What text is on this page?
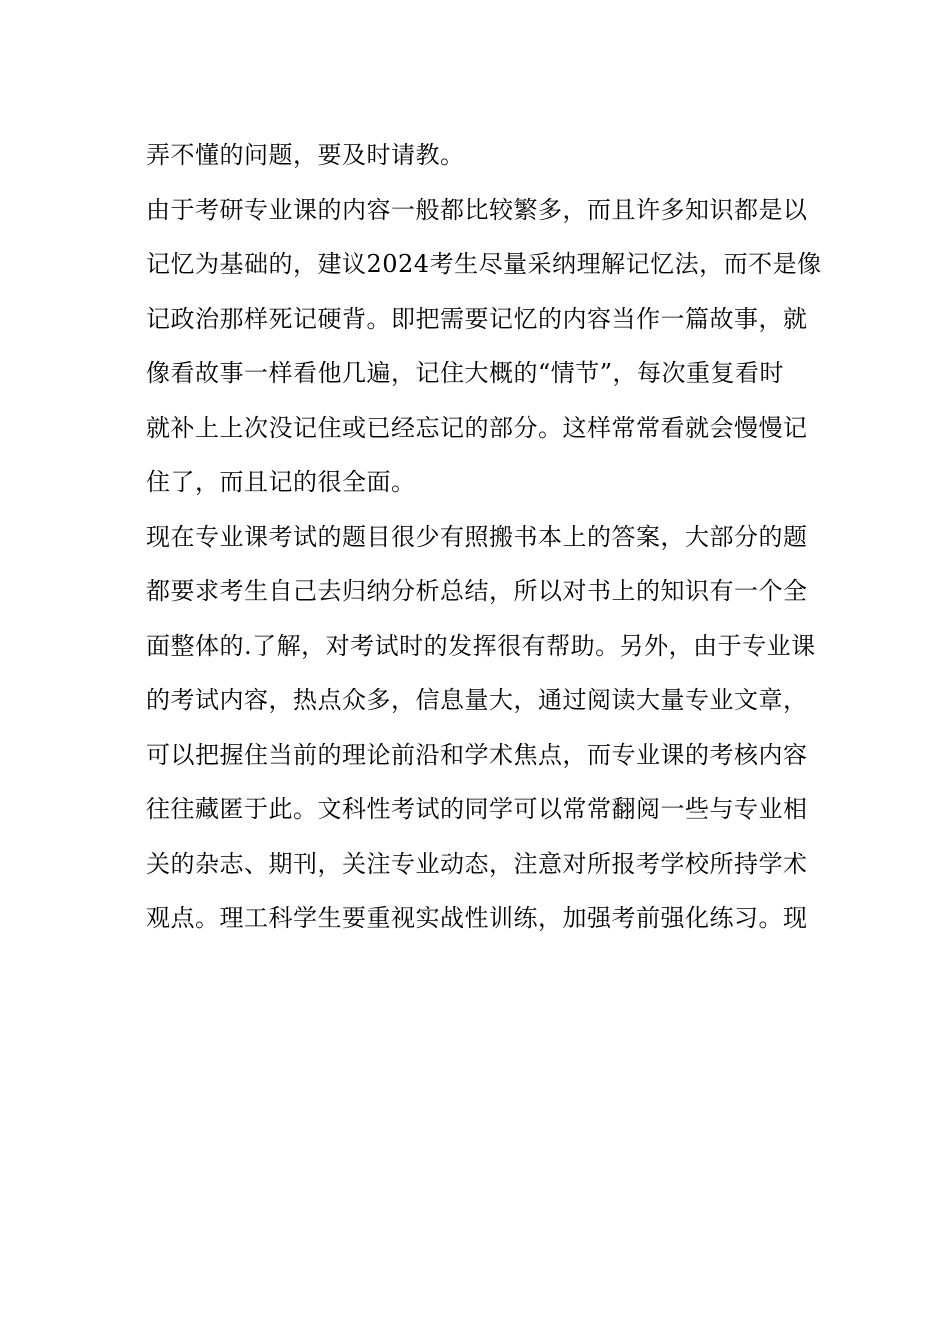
弄不懂的问题，要及时请教。
由于考研专业课的内容一般都比较繁多，而且许多知识都是以
记忆为基础的，建议2024考生尽量采纳理解记忆法，而不是像
记政治那样死记硬背。即把需要记忆的内容当作一篇故事，就
像看故事一样看他几遍，记住大概的“情节”，每次重复看时
就补上上次没记住或已经忘记的部分。这样常常看就会慢慢记
住了，而且记的很全面。
现在专业课考试的题目很少有照搬书本上的答案，大部分的题
都要求考生自己去归纳分析总结，所以对书上的知识有一个全
面整体的.了解，对考试时的发挥很有帮助。另外，由于专业课
的考试内容，热点众多，信息量大，通过阅读大量专业文章，
可以把握住当前的理论前沿和学术焦点，而专业课的考核内容
往往藏匿于此。文科性考试的同学可以常常翻阅一些与专业相
关的杂志、期刊，关注专业动态，注意对所报考学校所持学术
观点。理工科学生要重视实战性训练，加强考前强化练习。现
